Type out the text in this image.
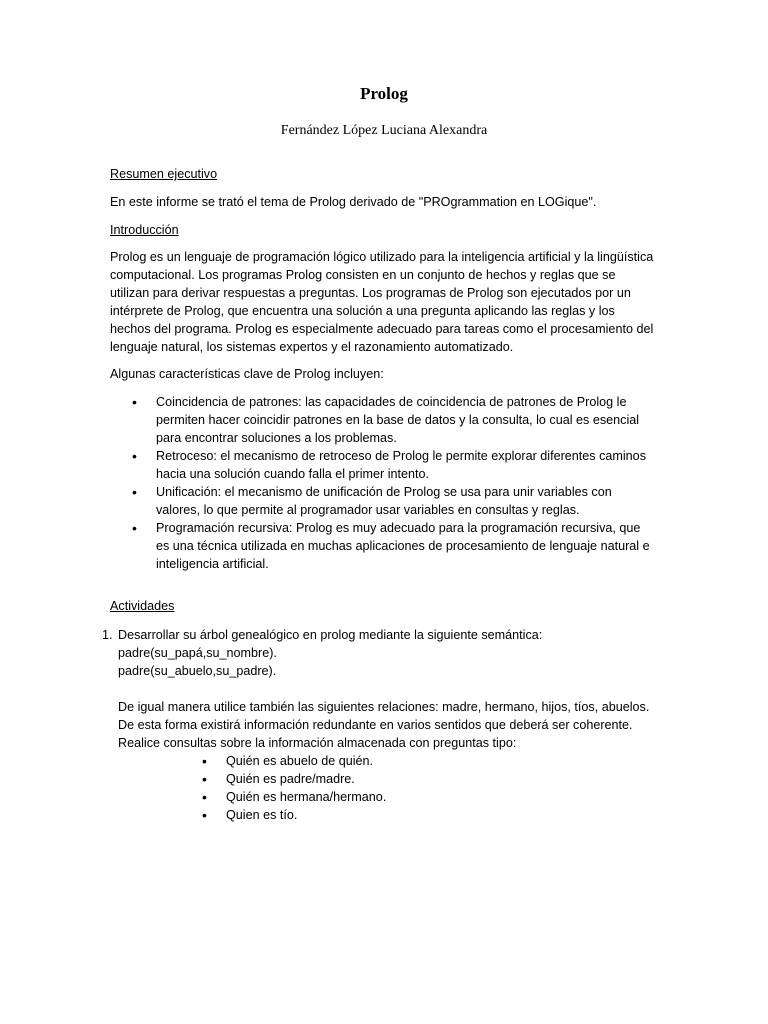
Prolog
Fernández López Luciana Alexandra
Resumen ejecutivo
En este informe se trató el tema de Prolog derivado de "PROgrammation en LOGique".
Introducción
Prolog es un lenguaje de programación lógico utilizado para la inteligencia artificial y la lingüística computacional. Los programas Prolog consisten en un conjunto de hechos y reglas que se utilizan para derivar respuestas a preguntas. Los programas de Prolog son ejecutados por un intérprete de Prolog, que encuentra una solución a una pregunta aplicando las reglas y los hechos del programa. Prolog es especialmente adecuado para tareas como el procesamiento del lenguaje natural, los sistemas expertos y el razonamiento automatizado.
Algunas características clave de Prolog incluyen:
• Coincidencia de patrones: las capacidades de coincidencia de patrones de Prolog le permiten hacer coincidir patrones en la base de datos y la consulta, lo cual es esencial para encontrar soluciones a los problemas.
• Retroceso: el mecanismo de retroceso de Prolog le permite explorar diferentes caminos hacia una solución cuando falla el primer intento.
• Unificación: el mecanismo de unificación de Prolog se usa para unir variables con valores, lo que permite al programador usar variables en consultas y reglas.
• Programación recursiva: Prolog es muy adecuado para la programación recursiva, que es una técnica utilizada en muchas aplicaciones de procesamiento de lenguaje natural e inteligencia artificial.
Actividades
1. Desarrollar su árbol genealógico en prolog mediante la siguiente semántica:
padre(su_papá,su_nombre).
padre(su_abuelo,su_padre).
De igual manera utilice también las siguientes relaciones: madre, hermano, hijos, tíos, abuelos.
De esta forma existirá información redundante en varios sentidos que deberá ser coherente.
Realice consultas sobre la información almacenada con preguntas tipo:
• Quién es abuelo de quién.
• Quién es padre/madre.
• Quién es hermana/hermano.
• Quien es tío.
